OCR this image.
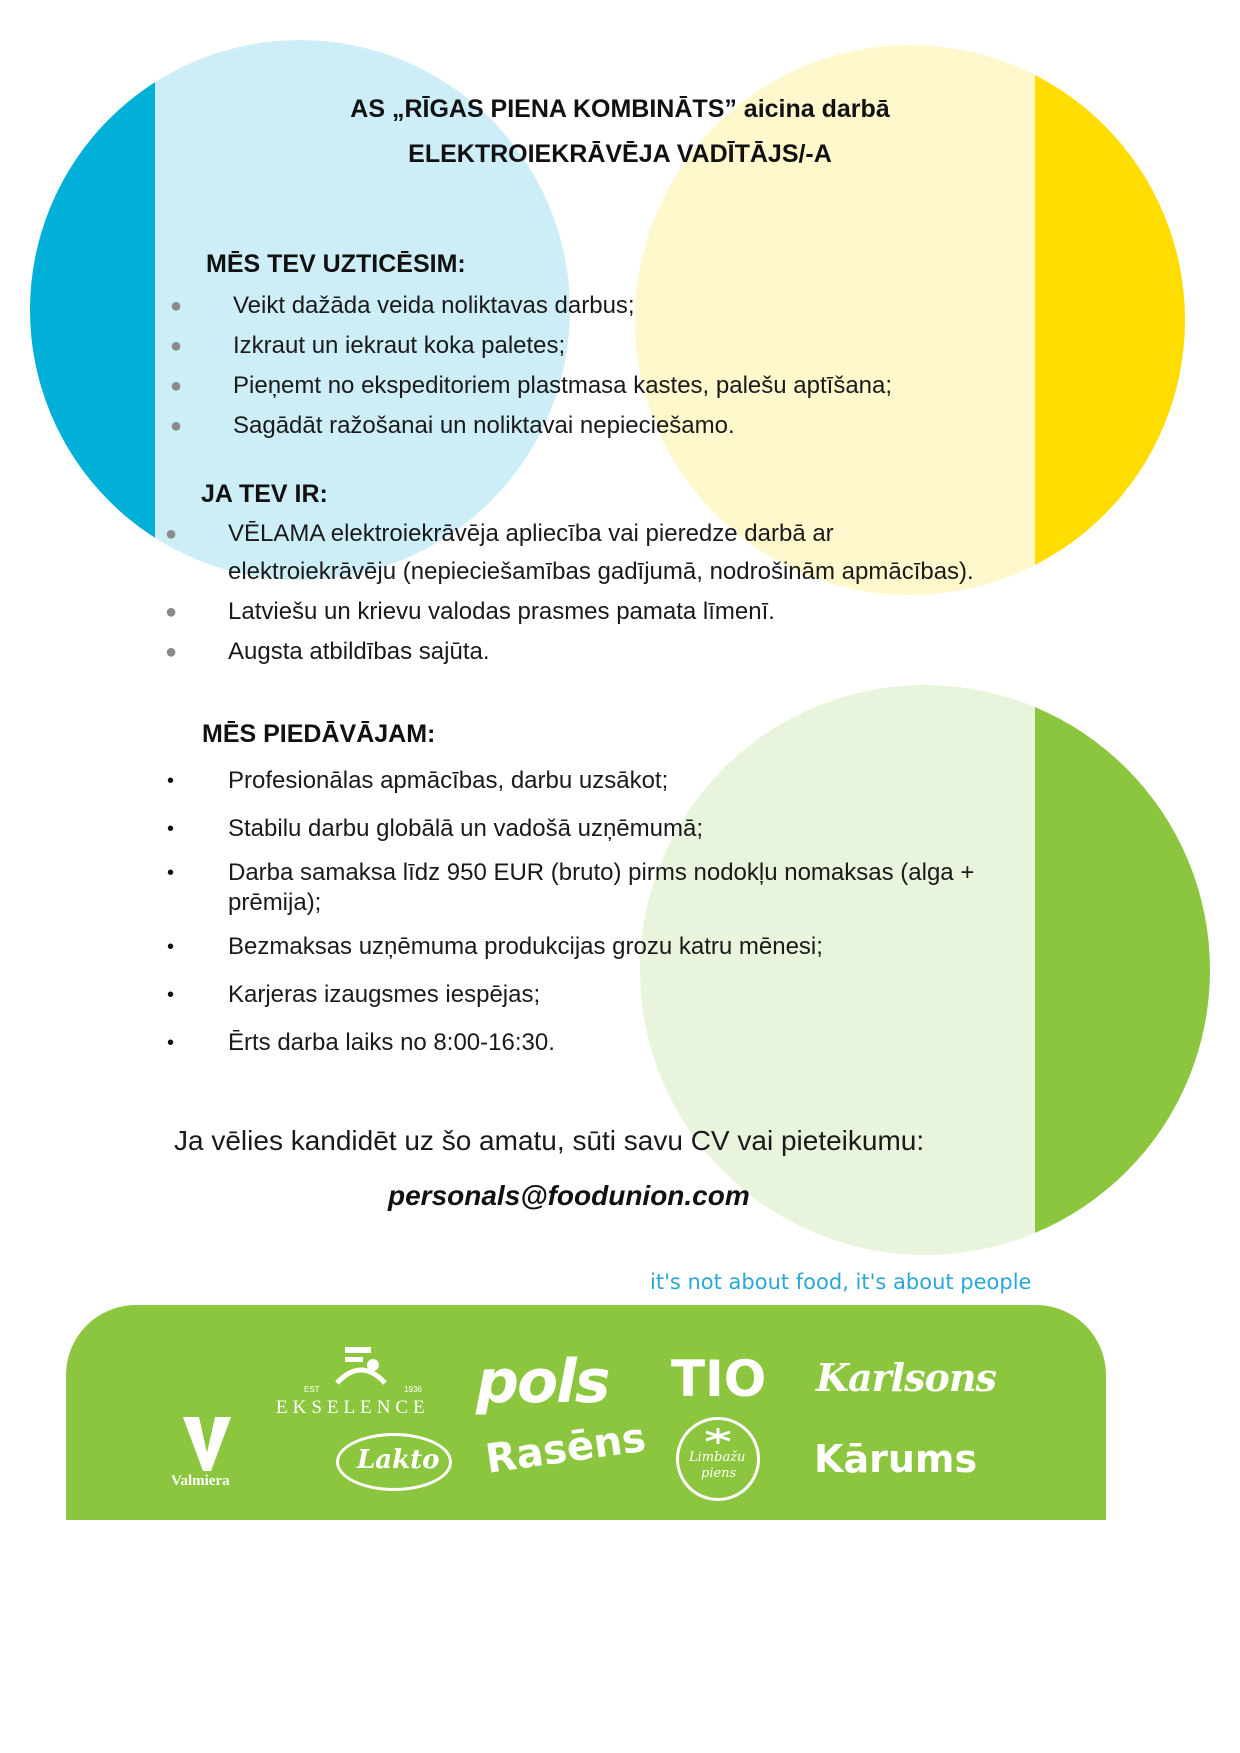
AS „RĪGAS PIENA KOMBINĀTS” aicina darbā
ELEKTROIEKRĀVĒJA VADĪTĀJS/-A
MĒS TEV UZTICĒSIM:
● Veikt dažāda veida noliktavas darbus;
● Izkraut un iekraut koka paletes;
● Pieņemt no ekspeditoriem plastmasa kastes, palešu aptīšana;
● Sagādāt ražošanai un noliktavai nepieciešamo.
JA TEV IR:
● VĒLAMA elektroiekrāvēja apliecība vai pieredze darbā ar
elektroiekrāvēju (nepieciešamības gadījumā, nodrošinām apmācības).
● Latviešu un krievu valodas prasmes pamata līmenī.
● Augsta atbildības sajūta.
MĒS PIEDĀVĀJAM:
• Profesionālas apmācības, darbu uzsākot;
• Stabilu darbu globālā un vadošā uzņēmumā;
• Darba samaksa līdz 950 EUR (bruto) pirms nodokļu nomaksas (alga +
prēmija);
• Bezmaksas uzņēmuma produkcijas grozu katru mēnesi;
• Karjeras izaugsmes iespējas;
• Ērts darba laiks no 8:00-16:30.
Ja vēlies kandidēt uz šo amatu, sūti savu CV vai pieteikumu:
personals@foodunion.com
it's not about food, it's about people
EST	1936
EKSELENCE pols TIO Karlsons
Valmiera
Lakto Rasēns	Limbažu
piens Kārums
